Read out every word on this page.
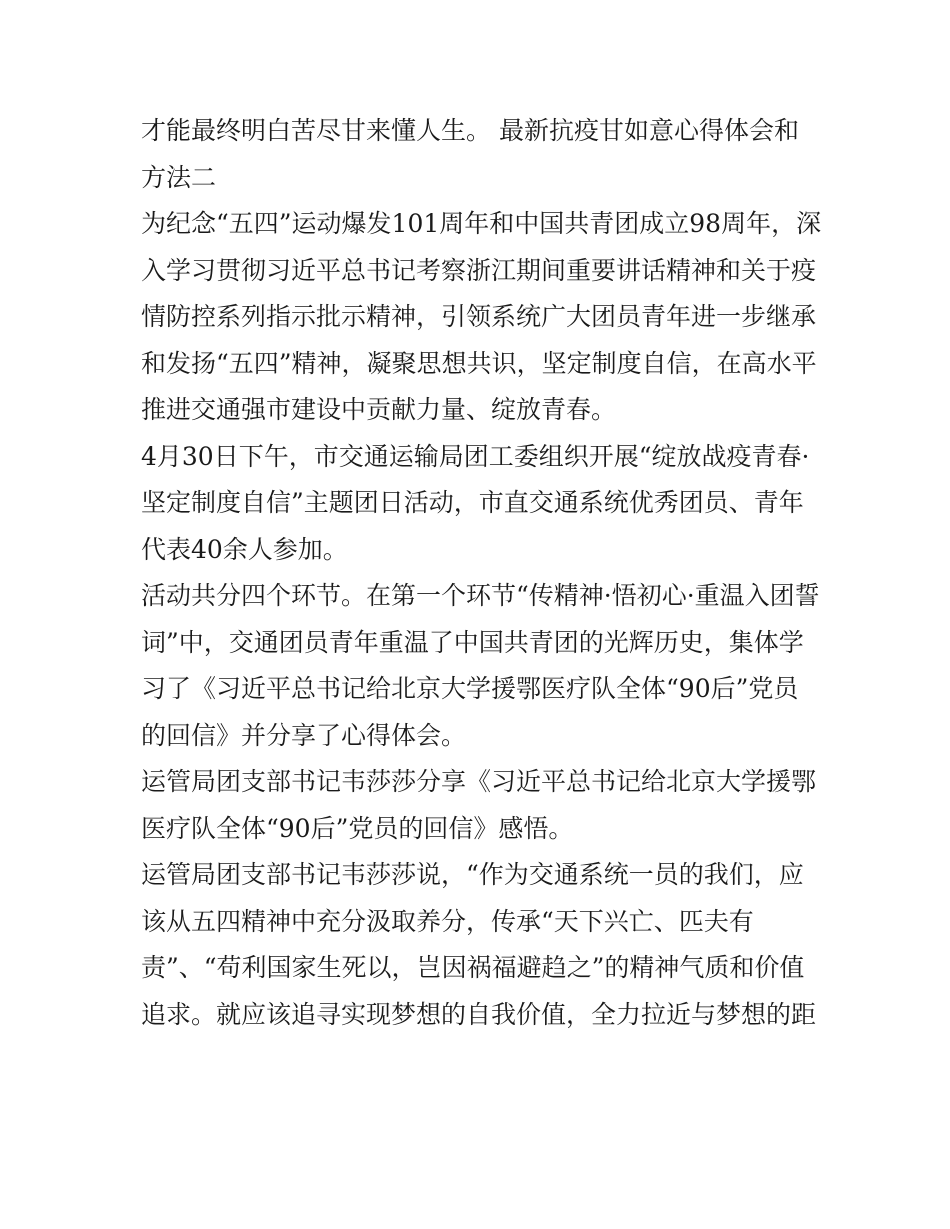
才能最终明白苦尽甘来懂人生。 最新抗疫甘如意心得体会和
方法二
为纪念“五四”运动爆发101周年和中国共青团成立98周年，深
入学习贯彻习近平总书记考察浙江期间重要讲话精神和关于疫
情防控系列指示批示精神，引领系统广大团员青年进一步继承
和发扬“五四”精神，凝聚思想共识，坚定制度自信，在高水平
推进交通强市建设中贡献力量、绽放青春。
4月30日下午，市交通运输局团工委组织开展“绽放战疫青春·
坚定制度自信”主题团日活动，市直交通系统优秀团员、青年
代表40余人参加。
活动共分四个环节。在第一个环节“传精神·悟初心·重温入团誓
词”中，交通团员青年重温了中国共青团的光辉历史，集体学
习了《习近平总书记给北京大学援鄂医疗队全体“90后”党员
的回信》并分享了心得体会。
运管局团支部书记韦莎莎分享《习近平总书记给北京大学援鄂
医疗队全体“90后”党员的回信》感悟。
运管局团支部书记韦莎莎说，“作为交通系统一员的我们，应
该从五四精神中充分汲取养分，传承“天下兴亡、匹夫有
责”、“苟利国家生死以，岂因祸福避趋之”的精神气质和价值
追求。就应该追寻实现梦想的自我价值，全力拉近与梦想的距
